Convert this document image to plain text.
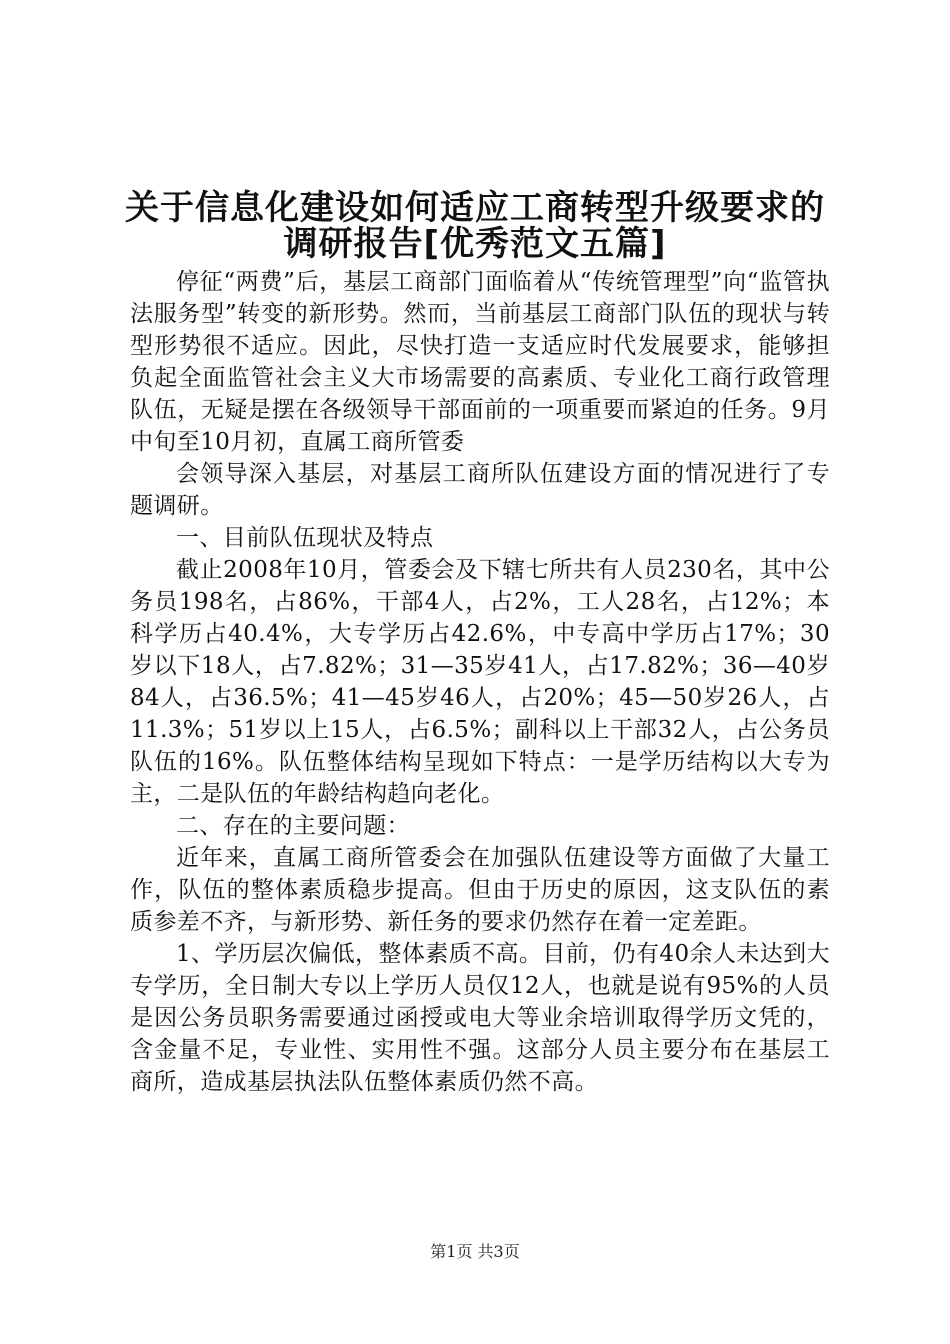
关于信息化建设如何适应工商转型升级要求的
调研报告[优秀范文五篇]

停征“两费”后，基层工商部门面临着从“传统管理型”向“监管执法服务型”转变的新形势。然而，当前基层工商部门队伍的现状与转型形势很不适应。因此，尽快打造一支适应时代发展要求，能够担负起全面监管社会主义大市场需要的高素质、专业化工商行政管理队伍，无疑是摆在各级领导干部面前的一项重要而紧迫的任务。9月中旬至10月初，直属工商所管委

会领导深入基层，对基层工商所队伍建设方面的情况进行了专题调研。

一、目前队伍现状及特点

截止2008年10月，管委会及下辖七所共有人员230名，其中公务员198名，占86%，干部4人，占2%，工人28名，占12%；本科学历占40.4%，大专学历占42.6%，中专高中学历占17%；30岁以下18人，占7.82%；31—35岁41人，占17.82%；36—40岁84人，占36.5%；41—45岁46人，占20%；45—50岁26人，占11.3%；51岁以上15人，占6.5%；副科以上干部32人，占公务员队伍的16%。队伍整体结构呈现如下特点：一是学历结构以大专为主，二是队伍的年龄结构趋向老化。

二、存在的主要问题：

近年来，直属工商所管委会在加强队伍建设等方面做了大量工作，队伍的整体素质稳步提高。但由于历史的原因，这支队伍的素质参差不齐，与新形势、新任务的要求仍然存在着一定差距。

1、学历层次偏低，整体素质不高。目前，仍有40余人未达到大专学历，全日制大专以上学历人员仅12人，也就是说有95%的人员是因公务员职务需要通过函授或电大等业余培训取得学历文凭的，含金量不足，专业性、实用性不强。这部分人员主要分布在基层工商所，造成基层执法队伍整体素质仍然不高。

第1页 共3页
